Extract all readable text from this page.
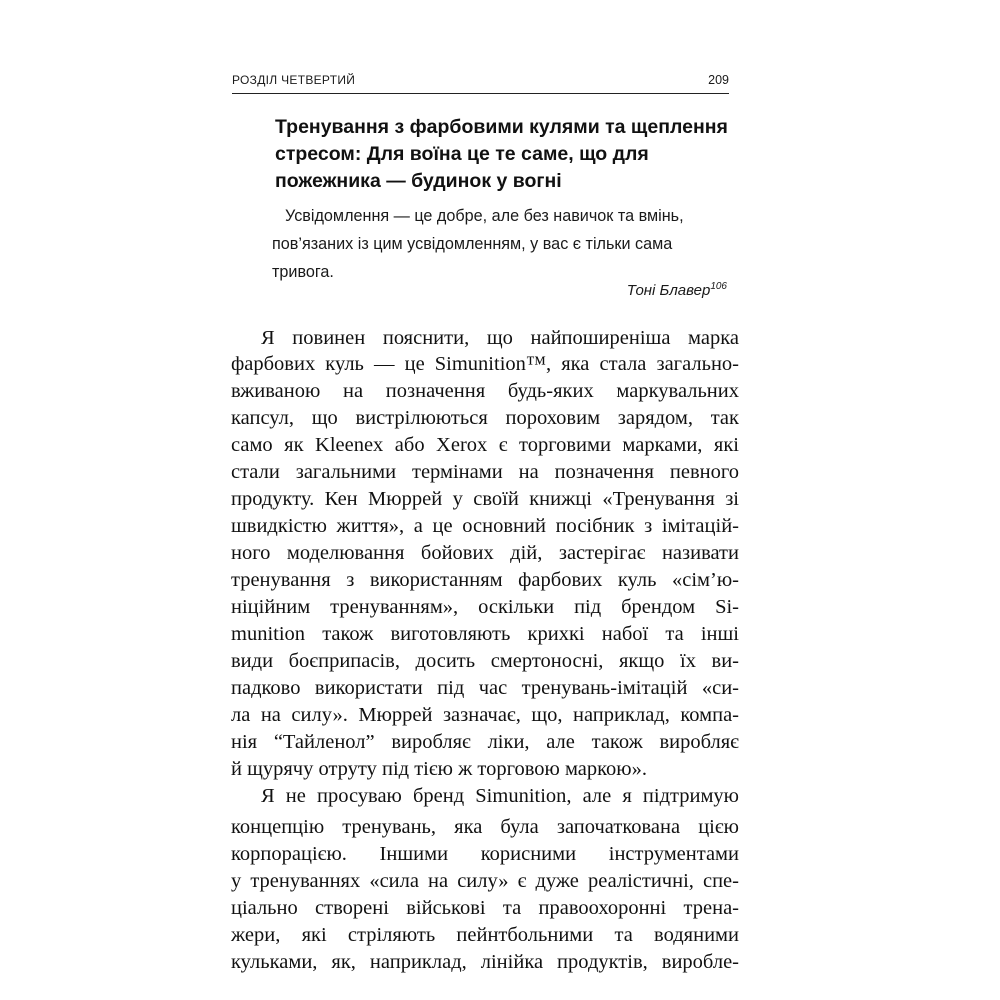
РОЗДІЛ ЧЕТВЕРТИЙ	209
Тренування з фарбовими кулями та щеплення
стресом: Для воїна це те саме, що для
пожежника — будинок у вогні
Усвідомлення — це добре, але без навичок та вмінь,
пов’язаних із цим усвідомленням, у вас є тільки сама
тривога.
Тоні Блавер$^{106}$
Я повинен пояснити, що найпоширеніша марка
фарбових куль — це Simunition™, яка стала загально-
вживаною на позначення будь-яких маркувальних
капсул, що вистрілюються пороховим зарядом, так
само як Kleenex або Xerox є торговими марками, які
стали загальними термінами на позначення певного
продукту. Кен Мюррей у своїй книжці «Тренування зі
швидкістю життя», а це основний посібник з імітацій-
ного моделювання бойових дій, застерігає називати
тренування з використанням фарбових куль «сім’ю-
ніційним тренуванням», оскільки під брендом Si-
munition також виготовляють крихкі набої та інші
види боєприпасів, досить смертоносні, якщо їх ви-
падково використати під час тренувань-імітацій «си-
ла на силу». Мюррей зазначає, що, наприклад, компа-
нія “Тайленол” виробляє ліки, але також виробляє
й щурячу отруту під тією ж торговою маркою».
Я не просуваю бренд Simunition, але я підтримую
концепцію тренувань, яка була започаткована цією
корпорацією. Іншими корисними інструментами
у тренуваннях «сила на силу» є дуже реалістичні, спе-
ціально створені військові та правоохоронні трена-
жери, які стріляють пейнтбольними та водяними
кульками, як, наприклад, лінійка продуктів, виробле-
